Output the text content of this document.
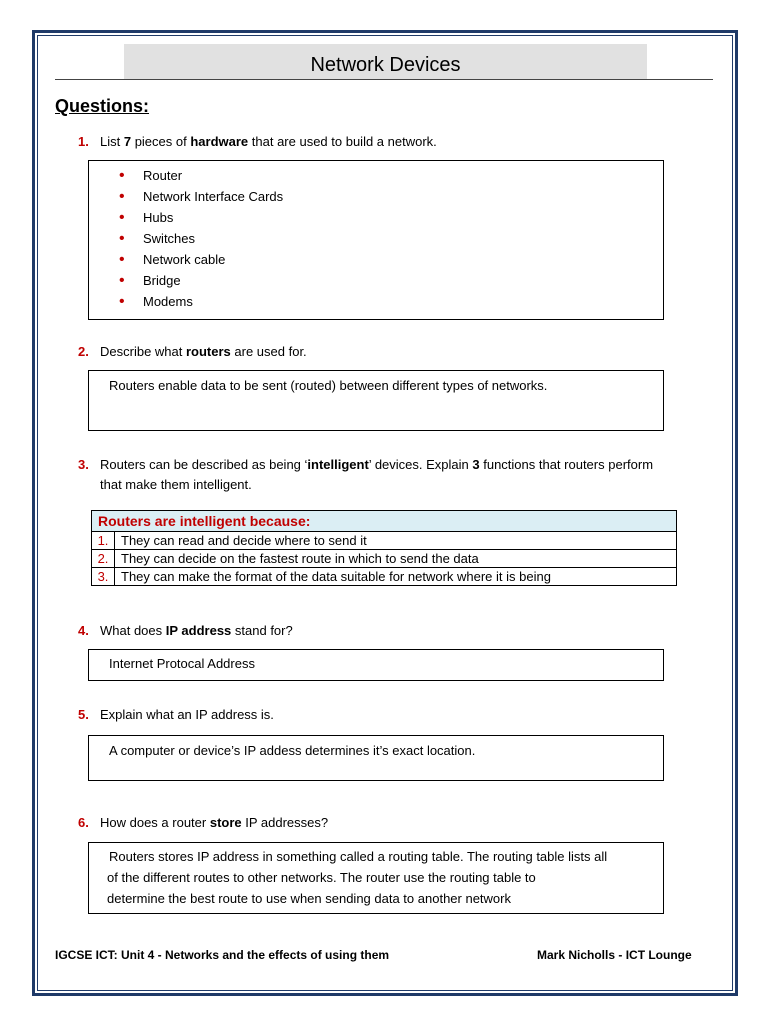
Network Devices
Questions:
1. List 7 pieces of hardware that are used to build a network.
• Router
• Network Interface Cards
• Hubs
• Switches
• Network cable
• Bridge
• Modems
2. Describe what routers are used for.
Routers enable data to be sent (routed) between different types of networks.
3. Routers can be described as being ‘intelligent’ devices. Explain 3 functions that routers perform
that make them intelligent.
Routers are intelligent because:	
1.	They can read and decide where to send it
2.	They can decide on the fastest route in which to send the data
3.	They can make the format of the data suitable for network where it is being
4. What does IP address stand for?
Internet Protocal Address
5. Explain what an IP address is.
A computer or device’s IP addess determines it’s exact location.
6. How does a router store IP addresses?
Routers stores IP address in something called a routing table. The routing table lists all
of the different routes to other networks. The router use the routing table to
determine the best route to use when sending data to another network
IGCSE ICT: Unit 4 - Networks and the effects of using them	Mark Nicholls - ICT Lounge
